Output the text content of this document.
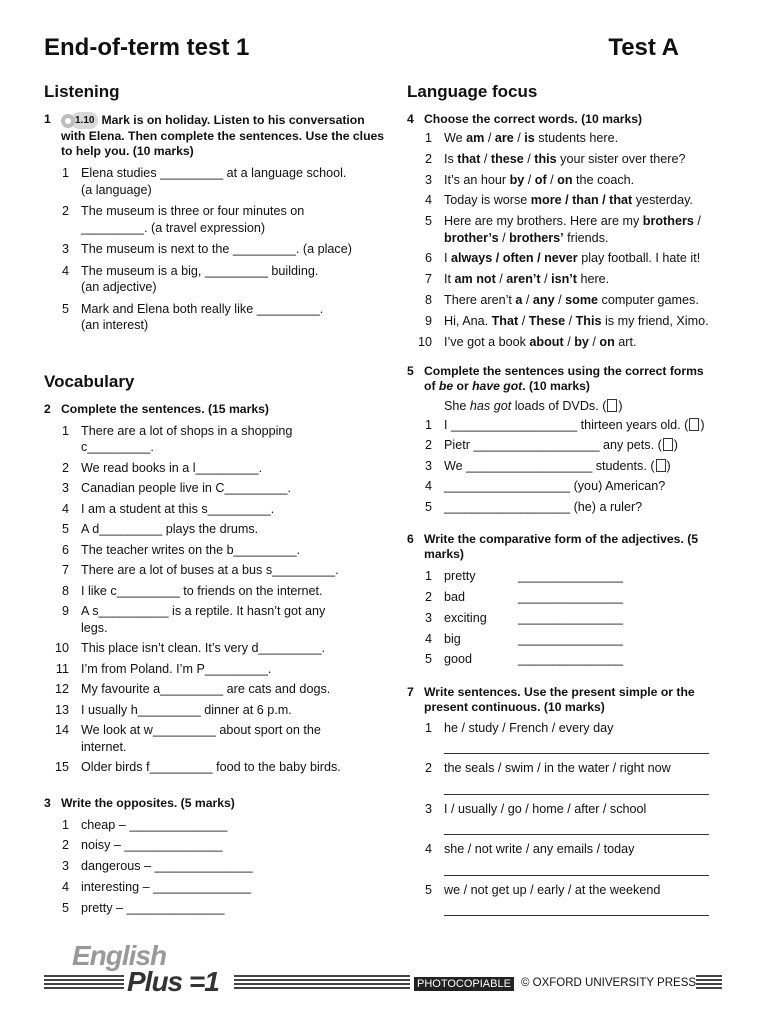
End-of-term test 1	Test A
Listening
1	1.10 Mark is on holiday. Listen to his conversation with Elena. Then complete the sentences. Use the clues to help you. (10 marks)
1 Elena studies _________ at a language school.
(a language)
2 The museum is three or four minutes on
_________. (a travel expression)
3 The museum is next to the _________. (a place)
4 The museum is a big, _________ building.
(an adjective)
5 Mark and Elena both really like _________.
(an interest)
Vocabulary
2 Complete the sentences. (15 marks)
1 There are a lot of shops in a shopping
c_________.
2 We read books in a l_________.
3 Canadian people live in C_________.
4 I am a student at this s_________.
5 A d_________ plays the drums.
6 The teacher writes on the b_________.
7 There are a lot of buses at a bus s_________.
8 I like c_________ to friends on the internet.
9 A s__________ is a reptile. It hasn’t got any
legs.
10 This place isn’t clean. It’s very d_________.
11 I’m from Poland. I’m P_________.
12 My favourite a_________ are cats and dogs.
13 I usually h_________ dinner at 6 p.m.
14 We look at w_________ about sport on the
internet.
15 Older birds f_________ food to the baby birds.
3 Write the opposites. (5 marks)
1 cheap – ______________
2 noisy – ______________
3 dangerous – ______________
4 interesting – ______________
5 pretty – ______________
Language focus
4 Choose the correct words. (10 marks)
1 We am / are / is students here.
2 Is that / these / this your sister over there?
3 It’s an hour by / of / on the coach.
4 Today is worse more / than / that yesterday.
5 Here are my brothers. Here are my brothers /
brother’s / brothers’ friends.
6 I always / often / never play football. I hate it!
7 It am not / aren’t / isn’t here.
8 There aren’t a / any / some computer games.
9 Hi, Ana. That / These / This is my friend, Ximo.
10 I’ve got a book about / by / on art.
5 Complete the sentences using the correct forms
of be or have got. (10 marks)
She has got loads of DVDs. ( )
1 I __________________ thirteen years old. ( )
2 Pietr __________________ any pets. ( )
3 We __________________ students. ( )
4 __________________ (you) American?
5 __________________ (he) a ruler?
6 Write the comparative form of the adjectives. (5 marks)
1 pretty	_______________
2 bad	_______________
3 exciting _______________
4 big	_______________
5 good	_______________
7 Write sentences. Use the present simple or the present continuous. (10 marks)
1 he / study / French / every day
2 the seals / swim / in the water / right now
3 I / usually / go / home / after / school
4 she / not write / any emails / today
5 we / not get up / early / at the weekend
English
Plus =1	PHOTOCOPIABLE © OXFORD UNIVERSITY PRESS
